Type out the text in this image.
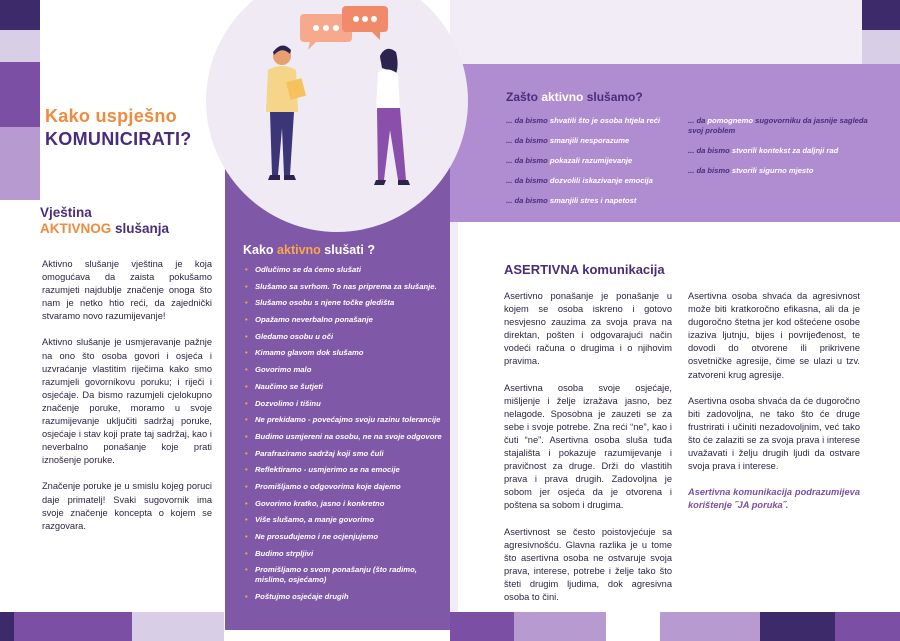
Kako uspješno
KOMUNICIRATI?
Vještina
AKTIVNOG slušanja

Aktivno slušanje vještina je koja omogućava da zaista pokušamo razumjeti najdublje značenje onoga što nam je netko htio reći, da zajednički stvaramo novo razumijevanje!

Aktivno slušanje je usmjeravanje pažnje na ono što osoba govori i osjeća i uzvraćanje vlastitim riječima kako smo razumjeli govornikovu poruku; i riječi i osjećaje. Da bismo razumjeli cjelokupno značenje poruke, moramo u svoje razumijevanje uključiti sadržaj poruke, osjećaje i stav koji prate taj sadržaj, kao i neverbalno ponašanje koje prati iznošenje poruke.

Značenje poruke je u smislu kojeg poruci daje primatelj! Svaki sugovornik ima svoje značenje koncepta o kojem se razgovara.

Kako aktivno slušati ?
• Odlučimo se da ćemo slušati
• Slušamo sa svrhom. To nas priprema za slušanje.
• Slušamo osobu s njene točke gledišta
• Opažamo neverbalno ponašanje
• Gledamo osobu u oči
• Kimamo glavom dok slušamo
• Govorimo malo
• Naučimo se šutjeti
• Dozvolimo i tišinu
• Ne prekidamo - povećajmo svoju razinu tolerancije
• Budimo usmjereni na osobu, ne na svoje odgovore
• Parafraziramo sadržaj koji smo čuli
• Reflektiramo - usmjerimo se na emocije
• Promišljamo o odgovorima koje dajemo
• Govorimo kratko, jasno i konkretno
• Više slušamo, a manje govorimo
• Ne prosuđujemo i ne ocjenjujemo
• Budimo strpljivi
• Promišljamo o svom ponašanju (što radimo, mislimo, osjećamo)
• Poštujmo osjećaje drugih
Zašto aktivno slušamo?
... da bismo shvatili što je osoba htjela reći
... da bismo smanjili nesporazume
... da bismo pokazali razumijevanje
... da bismo dozvolili iskazivanje emocija
... da bismo smanjili stres i napetost
... da pomognemo sugovorniku da jasnije sagleda svoj problem
... da bismo stvorili kontekst za daljnji rad
... da bismo stvorili sigurno mjesto
ASERTIVNA komunikacija

Asertivno ponašanje je ponašanje u kojem se osoba iskreno i gotovo nesvjesno zauzima za svoja prava na direktan, pošten i odgovarajući način vodeći računa o drugima i o njihovim pravima.

Asertivna osoba svoje osjećaje, mišljenje i želje izražava jasno, bez nelagode. Sposobna je zauzeti se za sebe i svoje potrebe. Zna reći “ne”, kao i čuti “ne”. Asertivna osoba sluša tuđa stajališta i pokazuje razumijevanje i pravičnost za druge. Drži do vlastitih prava i prava drugih. Zadovoljna je sobom jer osjeća da je otvorena i poštena sa sobom i drugima.

Asertivnost se često poistovjećuje sa agresivnošću. Glavna razlika je u tome što asertivna osoba ne ostvaruje svoja prava, interese, potrebe i želje tako što šteti drugim ljudima, dok agresivna osoba to čini.

Asertivna osoba shvaća da agresivnost može biti kratkoročno efikasna, ali da je dugoročno štetna jer kod oštećene osobe izaziva ljutnju, bijes i povrijeđenost, te dovodi do otvorene ili prikrivene osvetničke agresije, čime se ulazi u tzv. zatvoreni krug agresije.

Asertivna osoba shvaća da će dugoročno biti zadovoljna, ne tako što će druge frustrirati i učiniti nezadovoljnim, već tako što će zalaziti se za svoja prava i interese uvažavati i želju drugih ljudi da ostvare svoja prava i interese.

Asertivna komunikacija podrazumijeva korištenje ˝JA poruka˝.
